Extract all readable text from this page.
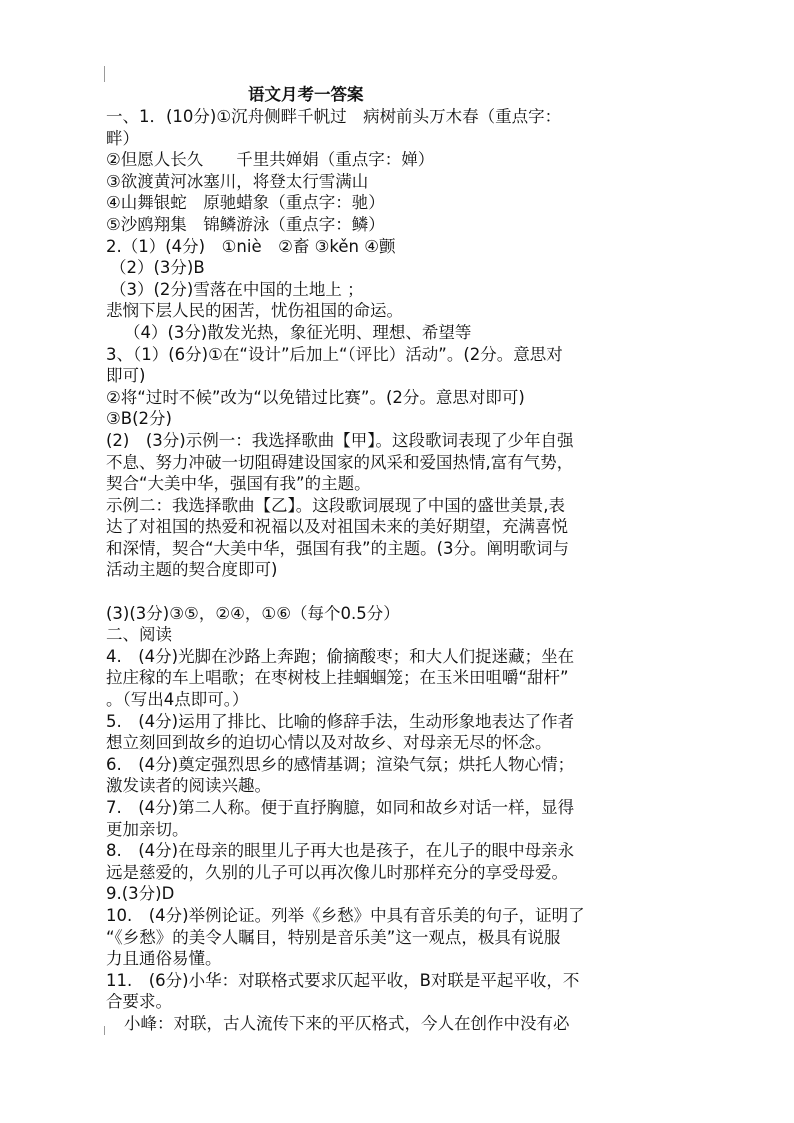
语文月考一答案
一、1．(10分)①沉舟侧畔千帆过　病树前头万木春（重点字：
畔）
②但愿人长久　　千里共婵娟（重点字：婵）
③欲渡黄河冰塞川，将登太行雪满山
④山舞银蛇　原驰蜡象（重点字：驰）
⑤沙鸥翔集　锦鳞游泳（重点字：鳞）
2.（1）(4分)　①niè　②畜 ③kěn ④颤
（2）(3分)B
（3）(2分)雪落在中国的土地上 ；
悲悯下层人民的困苦，忧伤祖国的命运。
（4）(3分)散发光热，象征光明、理想、希望等
3、（1）(6分)①在“设计”后加上“（评比）活动”。(2分。意思对
即可)
②将“过时不候”改为“以免错过比赛”。(2分。意思对即可)
③B(2分)
(2)　(3分)示例一：我选择歌曲【甲】。这段歌词表现了少年自强
不息、努力冲破一切阻碍建设国家的风采和爱国热情,富有气势，
契合“大美中华，强国有我”的主题。
示例二：我选择歌曲【乙】。这段歌词展现了中国的盛世美景,表
达了对祖国的热爱和祝福以及对祖国未来的美好期望，充满喜悦
和深情，契合“大美中华，强国有我”的主题。(3分。阐明歌词与
活动主题的契合度即可)
(3)(3分)③⑤，②④，①⑥（每个0.5分）
二、阅读
4.　(4分)光脚在沙路上奔跑；偷摘酸枣；和大人们捉迷藏；坐在
拉庄稼的车上唱歌；在枣树枝上挂蝈蝈笼；在玉米田咀嚼“甜杆”
。（写出4点即可。）
5.　(4分)运用了排比、比喻的修辞手法，生动形象地表达了作者
想立刻回到故乡的迫切心情以及对故乡、对母亲无尽的怀念。
6.　(4分)奠定强烈思乡的感情基调；渲染气氛；烘托人物心情；
激发读者的阅读兴趣。
7.　(4分)第二人称。便于直抒胸臆，如同和故乡对话一样，显得
更加亲切。
8.　(4分)在母亲的眼里儿子再大也是孩子，在儿子的眼中母亲永
远是慈爱的，久别的儿子可以再次像儿时那样充分的享受母爱。
9.(3分)D
10.　(4分)举例论证。列举《乡愁》中具有音乐美的句子，证明了
“《乡愁》的美令人瞩目，特别是音乐美”这一观点，极具有说服
力且通俗易懂。
11.　(6分)小华：对联格式要求仄起平收，B对联是平起平收，不
合要求。
小峰：对联，古人流传下来的平仄格式，今人在创作中没有必
